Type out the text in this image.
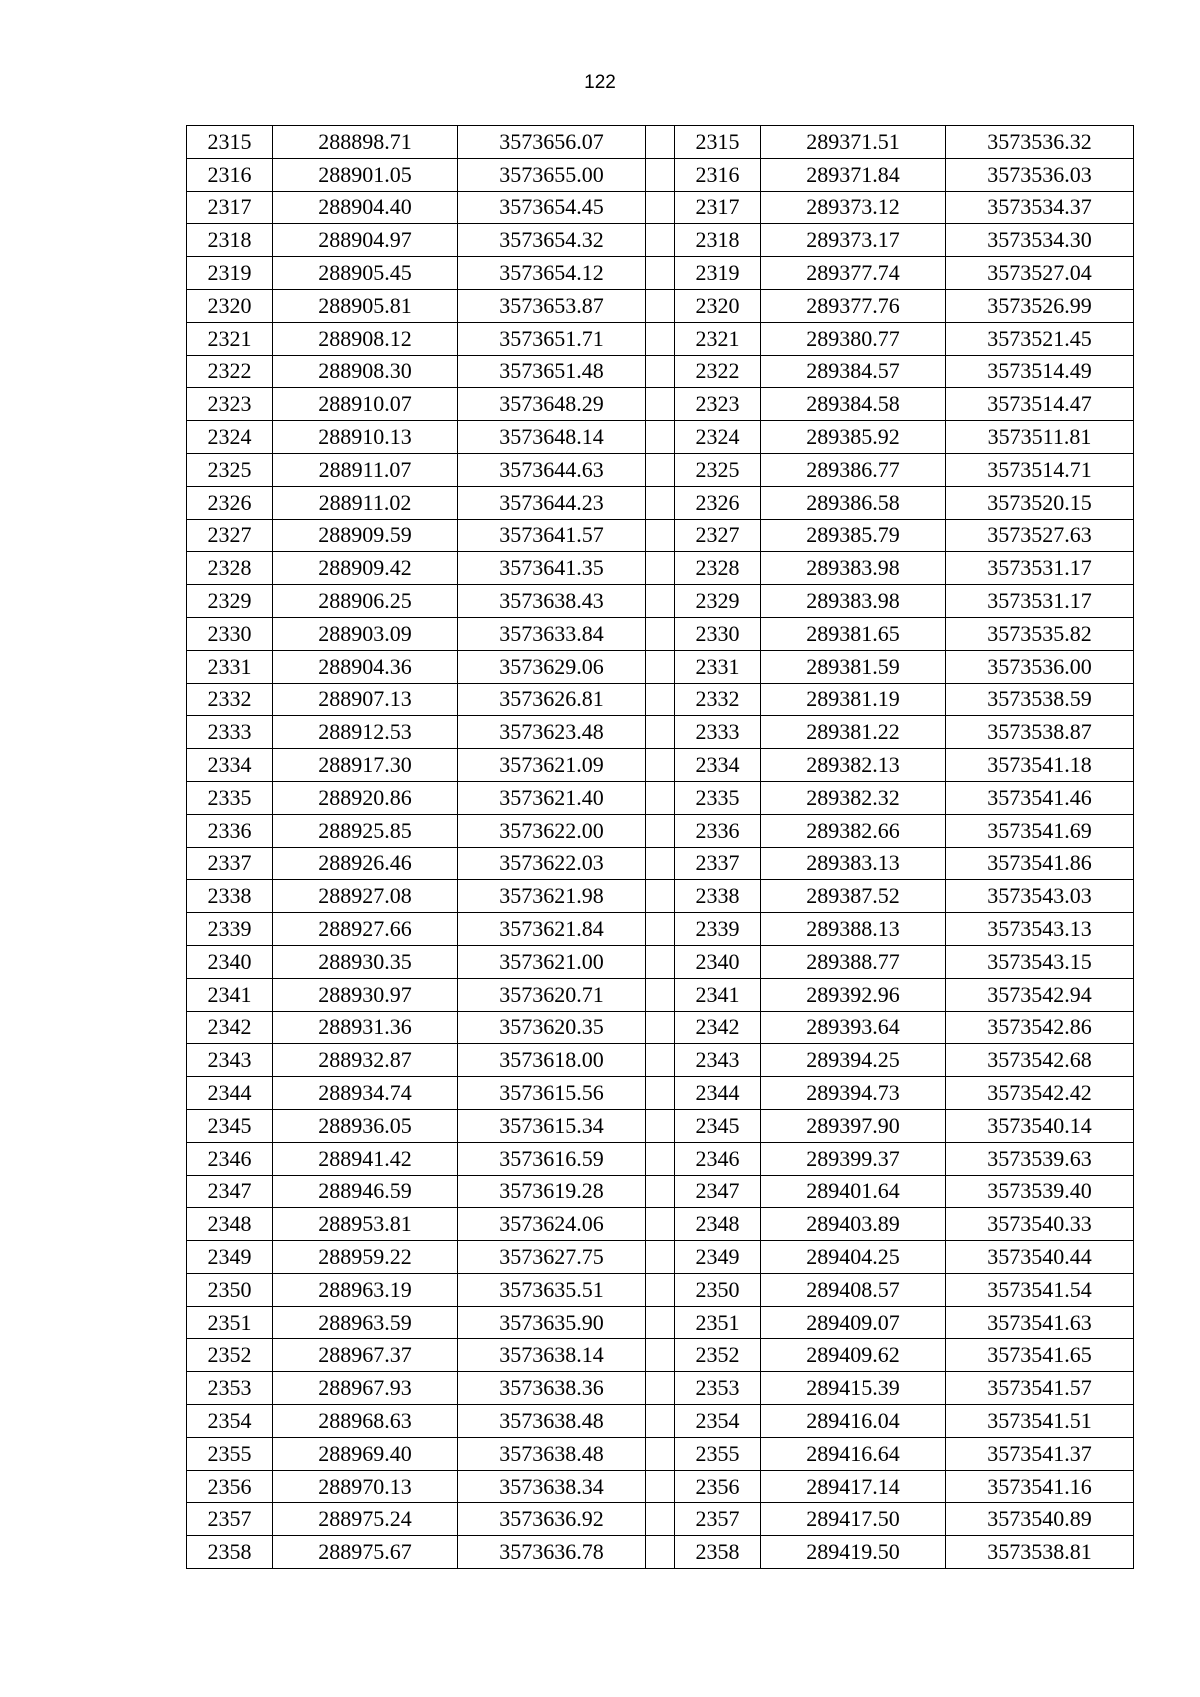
122
2315	288898.71	3573656.07		2315	289371.51	3573536.32
2316	288901.05	3573655.00		2316	289371.84	3573536.03
2317	288904.40	3573654.45		2317	289373.12	3573534.37
2318	288904.97	3573654.32		2318	289373.17	3573534.30
2319	288905.45	3573654.12		2319	289377.74	3573527.04
2320	288905.81	3573653.87		2320	289377.76	3573526.99
2321	288908.12	3573651.71		2321	289380.77	3573521.45
2322	288908.30	3573651.48		2322	289384.57	3573514.49
2323	288910.07	3573648.29		2323	289384.58	3573514.47
2324	288910.13	3573648.14		2324	289385.92	3573511.81
2325	288911.07	3573644.63		2325	289386.77	3573514.71
2326	288911.02	3573644.23		2326	289386.58	3573520.15
2327	288909.59	3573641.57		2327	289385.79	3573527.63
2328	288909.42	3573641.35		2328	289383.98	3573531.17
2329	288906.25	3573638.43		2329	289383.98	3573531.17
2330	288903.09	3573633.84		2330	289381.65	3573535.82
2331	288904.36	3573629.06		2331	289381.59	3573536.00
2332	288907.13	3573626.81		2332	289381.19	3573538.59
2333	288912.53	3573623.48		2333	289381.22	3573538.87
2334	288917.30	3573621.09		2334	289382.13	3573541.18
2335	288920.86	3573621.40		2335	289382.32	3573541.46
2336	288925.85	3573622.00		2336	289382.66	3573541.69
2337	288926.46	3573622.03		2337	289383.13	3573541.86
2338	288927.08	3573621.98		2338	289387.52	3573543.03
2339	288927.66	3573621.84		2339	289388.13	3573543.13
2340	288930.35	3573621.00		2340	289388.77	3573543.15
2341	288930.97	3573620.71		2341	289392.96	3573542.94
2342	288931.36	3573620.35		2342	289393.64	3573542.86
2343	288932.87	3573618.00		2343	289394.25	3573542.68
2344	288934.74	3573615.56		2344	289394.73	3573542.42
2345	288936.05	3573615.34		2345	289397.90	3573540.14
2346	288941.42	3573616.59		2346	289399.37	3573539.63
2347	288946.59	3573619.28		2347	289401.64	3573539.40
2348	288953.81	3573624.06		2348	289403.89	3573540.33
2349	288959.22	3573627.75		2349	289404.25	3573540.44
2350	288963.19	3573635.51		2350	289408.57	3573541.54
2351	288963.59	3573635.90		2351	289409.07	3573541.63
2352	288967.37	3573638.14		2352	289409.62	3573541.65
2353	288967.93	3573638.36		2353	289415.39	3573541.57
2354	288968.63	3573638.48		2354	289416.04	3573541.51
2355	288969.40	3573638.48		2355	289416.64	3573541.37
2356	288970.13	3573638.34		2356	289417.14	3573541.16
2357	288975.24	3573636.92		2357	289417.50	3573540.89
2358	288975.67	3573636.78		2358	289419.50	3573538.81
